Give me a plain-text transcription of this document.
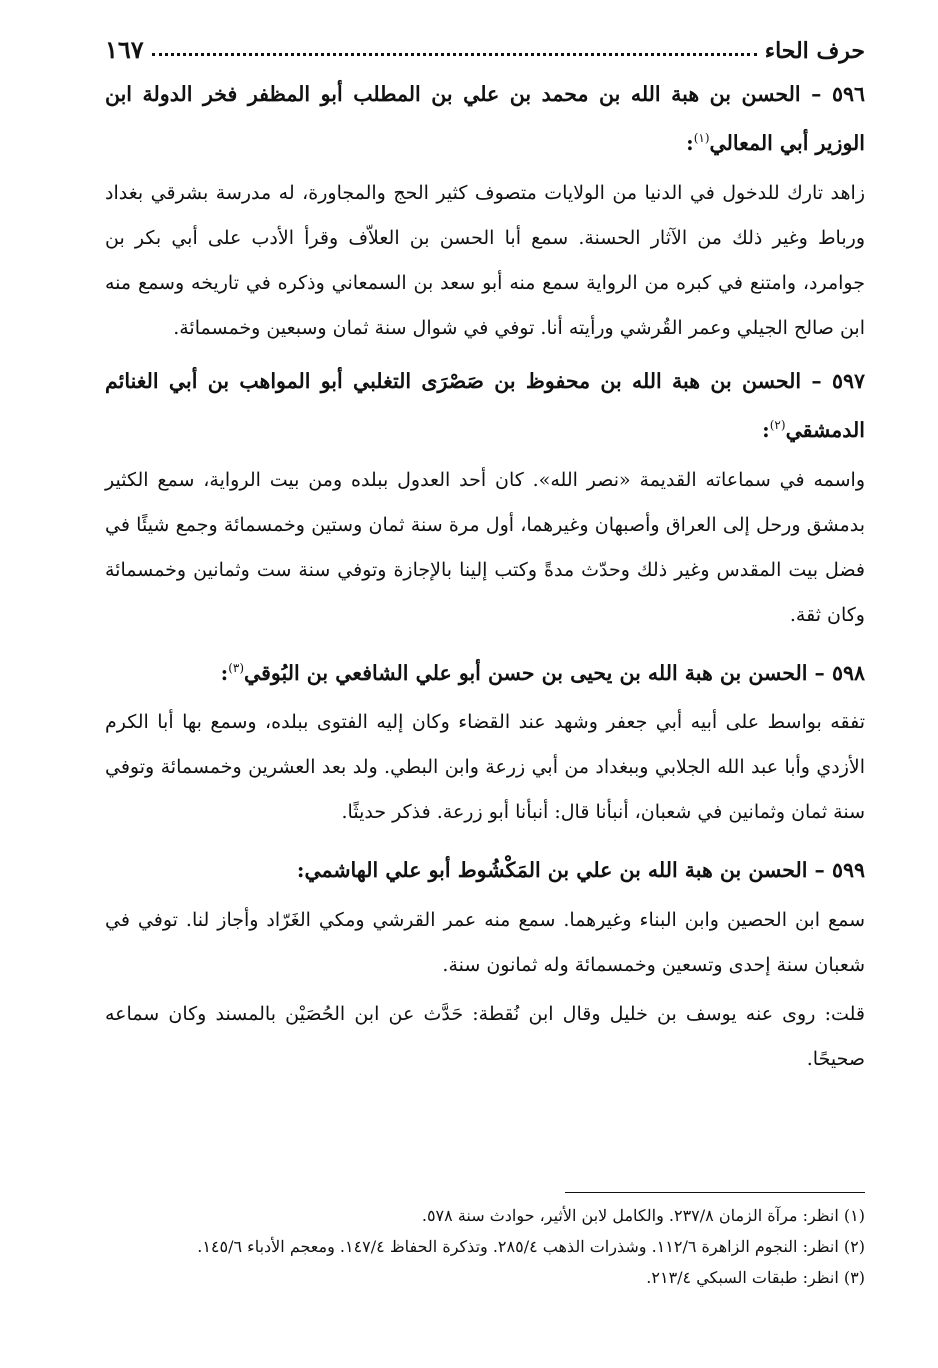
حرف الحاء
١٦٧
٥٩٦ – الحسن بن هبة الله بن محمد بن علي بن المطلب أبو المظفر فخر الدولة ابن الوزير أبي المعالي$^{(١)}$:

زاهد تارك للدخول في الدنيا من الولايات متصوف كثير الحج والمجاورة، له مدرسة بشرقي بغداد ورباط وغير ذلك من الآثار الحسنة. سمع أبا الحسن بن العلاّف وقرأ الأدب على أبي بكر بن جوامرد، وامتنع في كبره من الرواية سمع منه أبو سعد بن السمعاني وذكره في تاريخه وسمع منه ابن صالح الجيلي وعمر القُرشي ورأيته أنا. توفي في شوال سنة ثمان وسبعين وخمسمائة.

٥٩٧ – الحسن بن هبة الله بن محفوظ بن صَصْرَى التغلبي أبو المواهب بن أبي الغنائم الدمشقي$^{(٢)}$:

واسمه في سماعاته القديمة «نصر الله». كان أحد العدول ببلده ومن بيت الرواية، سمع الكثير بدمشق ورحل إلى العراق وأصبهان وغيرهما، أول مرة سنة ثمان وستين وخمسمائة وجمع شيئًا في فضل بيت المقدس وغير ذلك وحدّث مدةً وكتب إلينا بالإجازة وتوفي سنة ست وثمانين وخمسمائة وكان ثقة.

٥٩٨ – الحسن بن هبة الله بن يحيى بن حسن أبو علي الشافعي بن البُوقي$^{(٣)}$:

تفقه بواسط على أبيه أبي جعفر وشهد عند القضاء وكان إليه الفتوى ببلده، وسمع بها أبا الكرم الأزدي وأبا عبد الله الجلابي وببغداد من أبي زرعة وابن البطي. ولد بعد العشرين وخمسمائة وتوفي سنة ثمان وثمانين في شعبان، أنبأنا قال: أنبأنا أبو زرعة. فذكر حديثًا.

٥٩٩ – الحسن بن هبة الله بن علي بن المَكْشُوط أبو علي الهاشمي:

سمع ابن الحصين وابن البناء وغيرهما. سمع منه عمر القرشي ومكي الغَرّاد وأجاز لنا. توفي في شعبان سنة إحدى وتسعين وخمسمائة وله ثمانون سنة.

قلت: روى عنه يوسف بن خليل وقال ابن نُقطة: حَدَّث عن ابن الحُصَيْن بالمسند وكان سماعه صحيحًا.

(١) انظر: مرآة الزمان ٢٣٧/٨. والكامل لابن الأثير، حوادث سنة ٥٧٨.

(٢) انظر: النجوم الزاهرة ١١٢/٦. وشذرات الذهب ٢٨٥/٤. وتذكرة الحفاظ ١٤٧/٤. ومعجم الأدباء ١٤٥/٦.

(٣) انظر: طبقات السبكي ٢١٣/٤.
